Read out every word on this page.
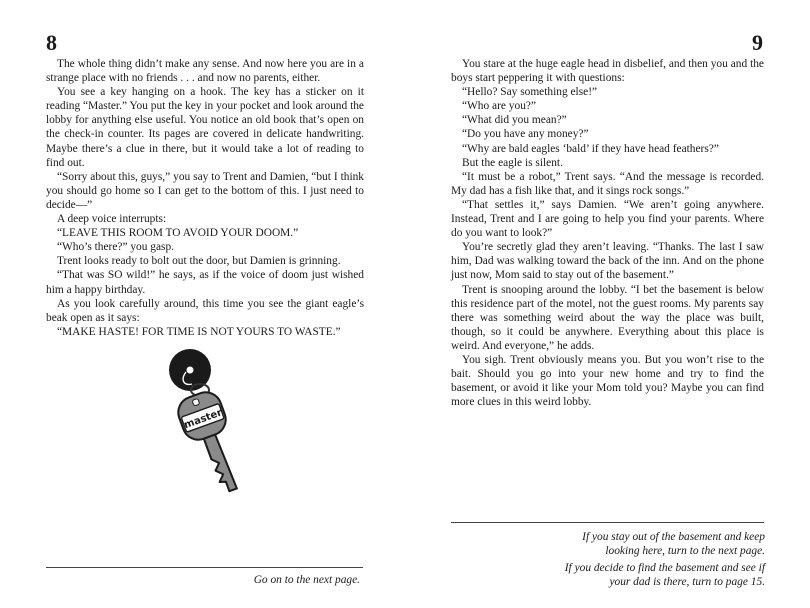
8	9

The whole thing didn’t make any sense. And now here you are in a strange place with no friends . . . and now no parents, either.

You see a key hanging on a hook. The key has a sticker on it reading “Master.” You put the key in your pocket and look around the lobby for anything else useful. You notice an old book that’s open on the check-in counter. Its pages are covered in delicate handwriting. Maybe there’s a clue in there, but it would take a lot of reading to find out.

“Sorry about this, guys,” you say to Trent and Damien, “but I think you should go home so I can get to the bottom of this. I just need to decide—”

A deep voice interrupts:

“LEAVE THIS ROOM TO AVOID YOUR DOOM.”

“Who’s there?” you gasp.

Trent looks ready to bolt out the door, but Damien is grinning.

“That was SO wild!” he says, as if the voice of doom just wished him a happy birthday.

As you look carefully around, this time you see the giant eagle’s beak open as it says:

“MAKE HASTE! FOR TIME IS NOT YOURS TO WASTE.”

master
Go on to the next page.

You stare at the huge eagle head in disbelief, and then you and the boys start peppering it with questions:

“Hello? Say something else!”

“Who are you?”

“What did you mean?”

“Do you have any money?”

“Why are bald eagles ‘bald’ if they have head feathers?”

But the eagle is silent.

“It must be a robot,” Trent says. “And the message is recorded. My dad has a fish like that, and it sings rock songs.”

“That settles it,” says Damien. “We aren’t going anywhere. Instead, Trent and I are going to help you find your parents. Where do you want to look?”

You’re secretly glad they aren’t leaving. “Thanks. The last I saw him, Dad was walking toward the back of the inn. And on the phone just now, Mom said to stay out of the basement.”

Trent is snooping around the lobby. “I bet the basement is below this residence part of the motel, not the guest rooms. My parents say there was something weird about the way the place was built, though, so it could be anywhere. Everything about this place is weird. And everyone,” he adds.

You sigh. Trent obviously means you. But you won’t rise to the bait. Should you go into your new home and try to find the basement, or avoid it like your Mom told you? Maybe you can find more clues in this weird lobby.

If you stay out of the basement and keep looking here, turn to the next page.
If you decide to find the basement and see if your dad is there, turn to page 15.
